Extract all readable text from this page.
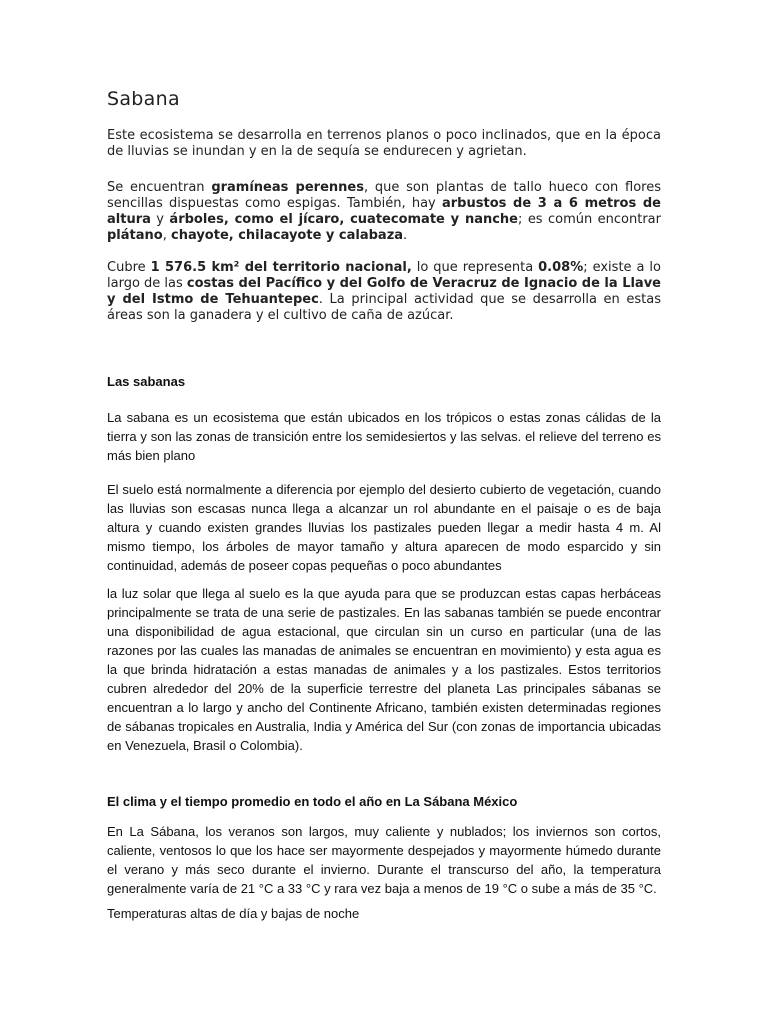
Sabana

Este ecosistema se desarrolla en terrenos planos o poco inclinados, que en la época de lluvias se inundan y en la de sequía se endurecen y agrietan.

Se encuentran gramíneas perennes, que son plantas de tallo hueco con flores sencillas dispuestas como espigas. También, hay arbustos de 3 a 6 metros de altura y árboles, como el jícaro, cuatecomate y nanche; es común encontrar plátano, chayote, chilacayote y calabaza.

Cubre 1 576.5 km² del territorio nacional, lo que representa 0.08%; existe a lo largo de las costas del Pacífico y del Golfo de Veracruz de Ignacio de la Llave y del Istmo de Tehuantepec. La principal actividad que se desarrolla en estas áreas son la ganadera y el cultivo de caña de azúcar.

Las sabanas

La sabana es un ecosistema que están ubicados en los trópicos o estas zonas cálidas de la tierra y son las zonas de transición entre los semidesiertos y las selvas. el relieve del terreno es más bien plano

El suelo está normalmente a diferencia por ejemplo del desierto cubierto de vegetación, cuando las lluvias son escasas nunca llega a alcanzar un rol abundante en el paisaje o es de baja altura y cuando existen grandes lluvias los pastizales pueden llegar a medir hasta 4 m. Al mismo tiempo, los árboles de mayor tamaño y altura aparecen de modo esparcido y sin continuidad, además de poseer copas pequeñas o poco abundantes

la luz solar que llega al suelo es la que ayuda para que se produzcan estas capas herbáceas principalmente se trata de una serie de pastizales. En las sabanas también se puede encontrar una disponibilidad de agua estacional, que circulan sin un curso en particular (una de las razones por las cuales las manadas de animales se encuentran en movimiento) y esta agua es la que brinda hidratación a estas manadas de animales y a los pastizales. Estos territorios cubren alrededor del 20% de la superficie terrestre del planeta Las principales sábanas se encuentran a lo largo y ancho del Continente Africano, también existen determinadas regiones de sábanas tropicales en Australia, India y América del Sur (con zonas de importancia ubicadas en Venezuela, Brasil o Colombia).

El clima y el tiempo promedio en todo el año en La Sábana México

En La Sábana, los veranos son largos, muy caliente y nublados; los inviernos son cortos, caliente, ventosos lo que los hace ser mayormente despejados y mayormente húmedo durante el verano y más seco durante el invierno. Durante el transcurso del año, la temperatura generalmente varía de 21 °C a 33 °C y rara vez baja a menos de 19 °C o sube a más de 35 °C.

Temperaturas altas de día y bajas de noche
